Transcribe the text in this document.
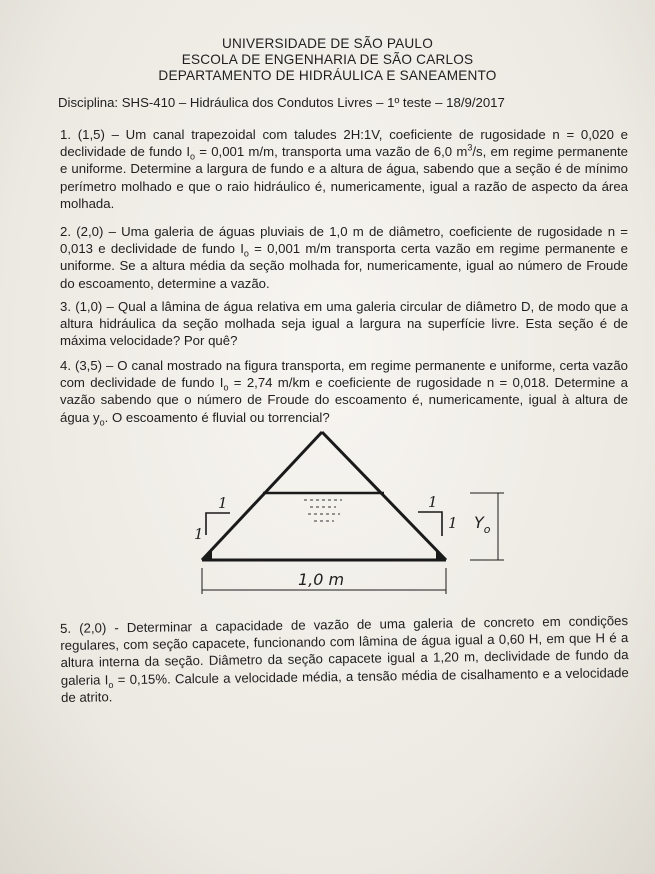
UNIVERSIDADE DE SÃO PAULO
ESCOLA DE ENGENHARIA DE SÃO CARLOS
DEPARTAMENTO DE HIDRÁULICA E SANEAMENTO
Disciplina: SHS-410 – Hidráulica dos Condutos Livres – 1º teste – 18/9/2017

1. (1,5) – Um canal trapezoidal com taludes 2H:1V, coeficiente de rugosidade n = 0,020 e declividade de fundo $I_o = 0,001$ m/m, transporta uma vazão de 6,0 $m^3/s$, em regime permanente e uniforme. Determine a largura de fundo e a altura de água, sabendo que a seção é de mínimo perímetro molhado e que o raio hidráulico é, numericamente, igual a razão de aspecto da área molhada.

2. (2,0) – Uma galeria de águas pluviais de 1,0 m de diâmetro, coeficiente de rugosidade n = 0,013 e declividade de fundo $I_o = 0,001$ m/m transporta certa vazão em regime permanente e uniforme. Se a altura média da seção molhada for, numericamente, igual ao número de Froude do escoamento, determine a vazão.

3. (1,0) – Qual a lâmina de água relativa em uma galeria circular de diâmetro D, de modo que a altura hidráulica da seção molhada seja igual a largura na superfície livre. Esta seção é de máxima velocidade? Por quê?

4. (3,5) – O canal mostrado na figura transporta, em regime permanente e uniforme, certa vazão com declividade de fundo $I_o = 2,74$ m/km e coeficiente de rugosidade n = 0,018. Determine a vazão sabendo que o número de Froude do escoamento é, numericamente, igual à altura de água $y_o$. O escoamento é fluvial ou torrencial?

1
1
1
1 $Y_o$
1,0 m

5. (2,0) - Determinar a capacidade de vazão de uma galeria de concreto em condições regulares, com seção capacete, funcionando com lâmina de água igual a 0,60 H, em que H é a altura interna da seção. Diâmetro da seção capacete igual a 1,20 m, declividade de fundo da galeria $I_o = 0,15\%$. Calcule a velocidade média, a tensão média de cisalhamento e a velocidade de atrito.
